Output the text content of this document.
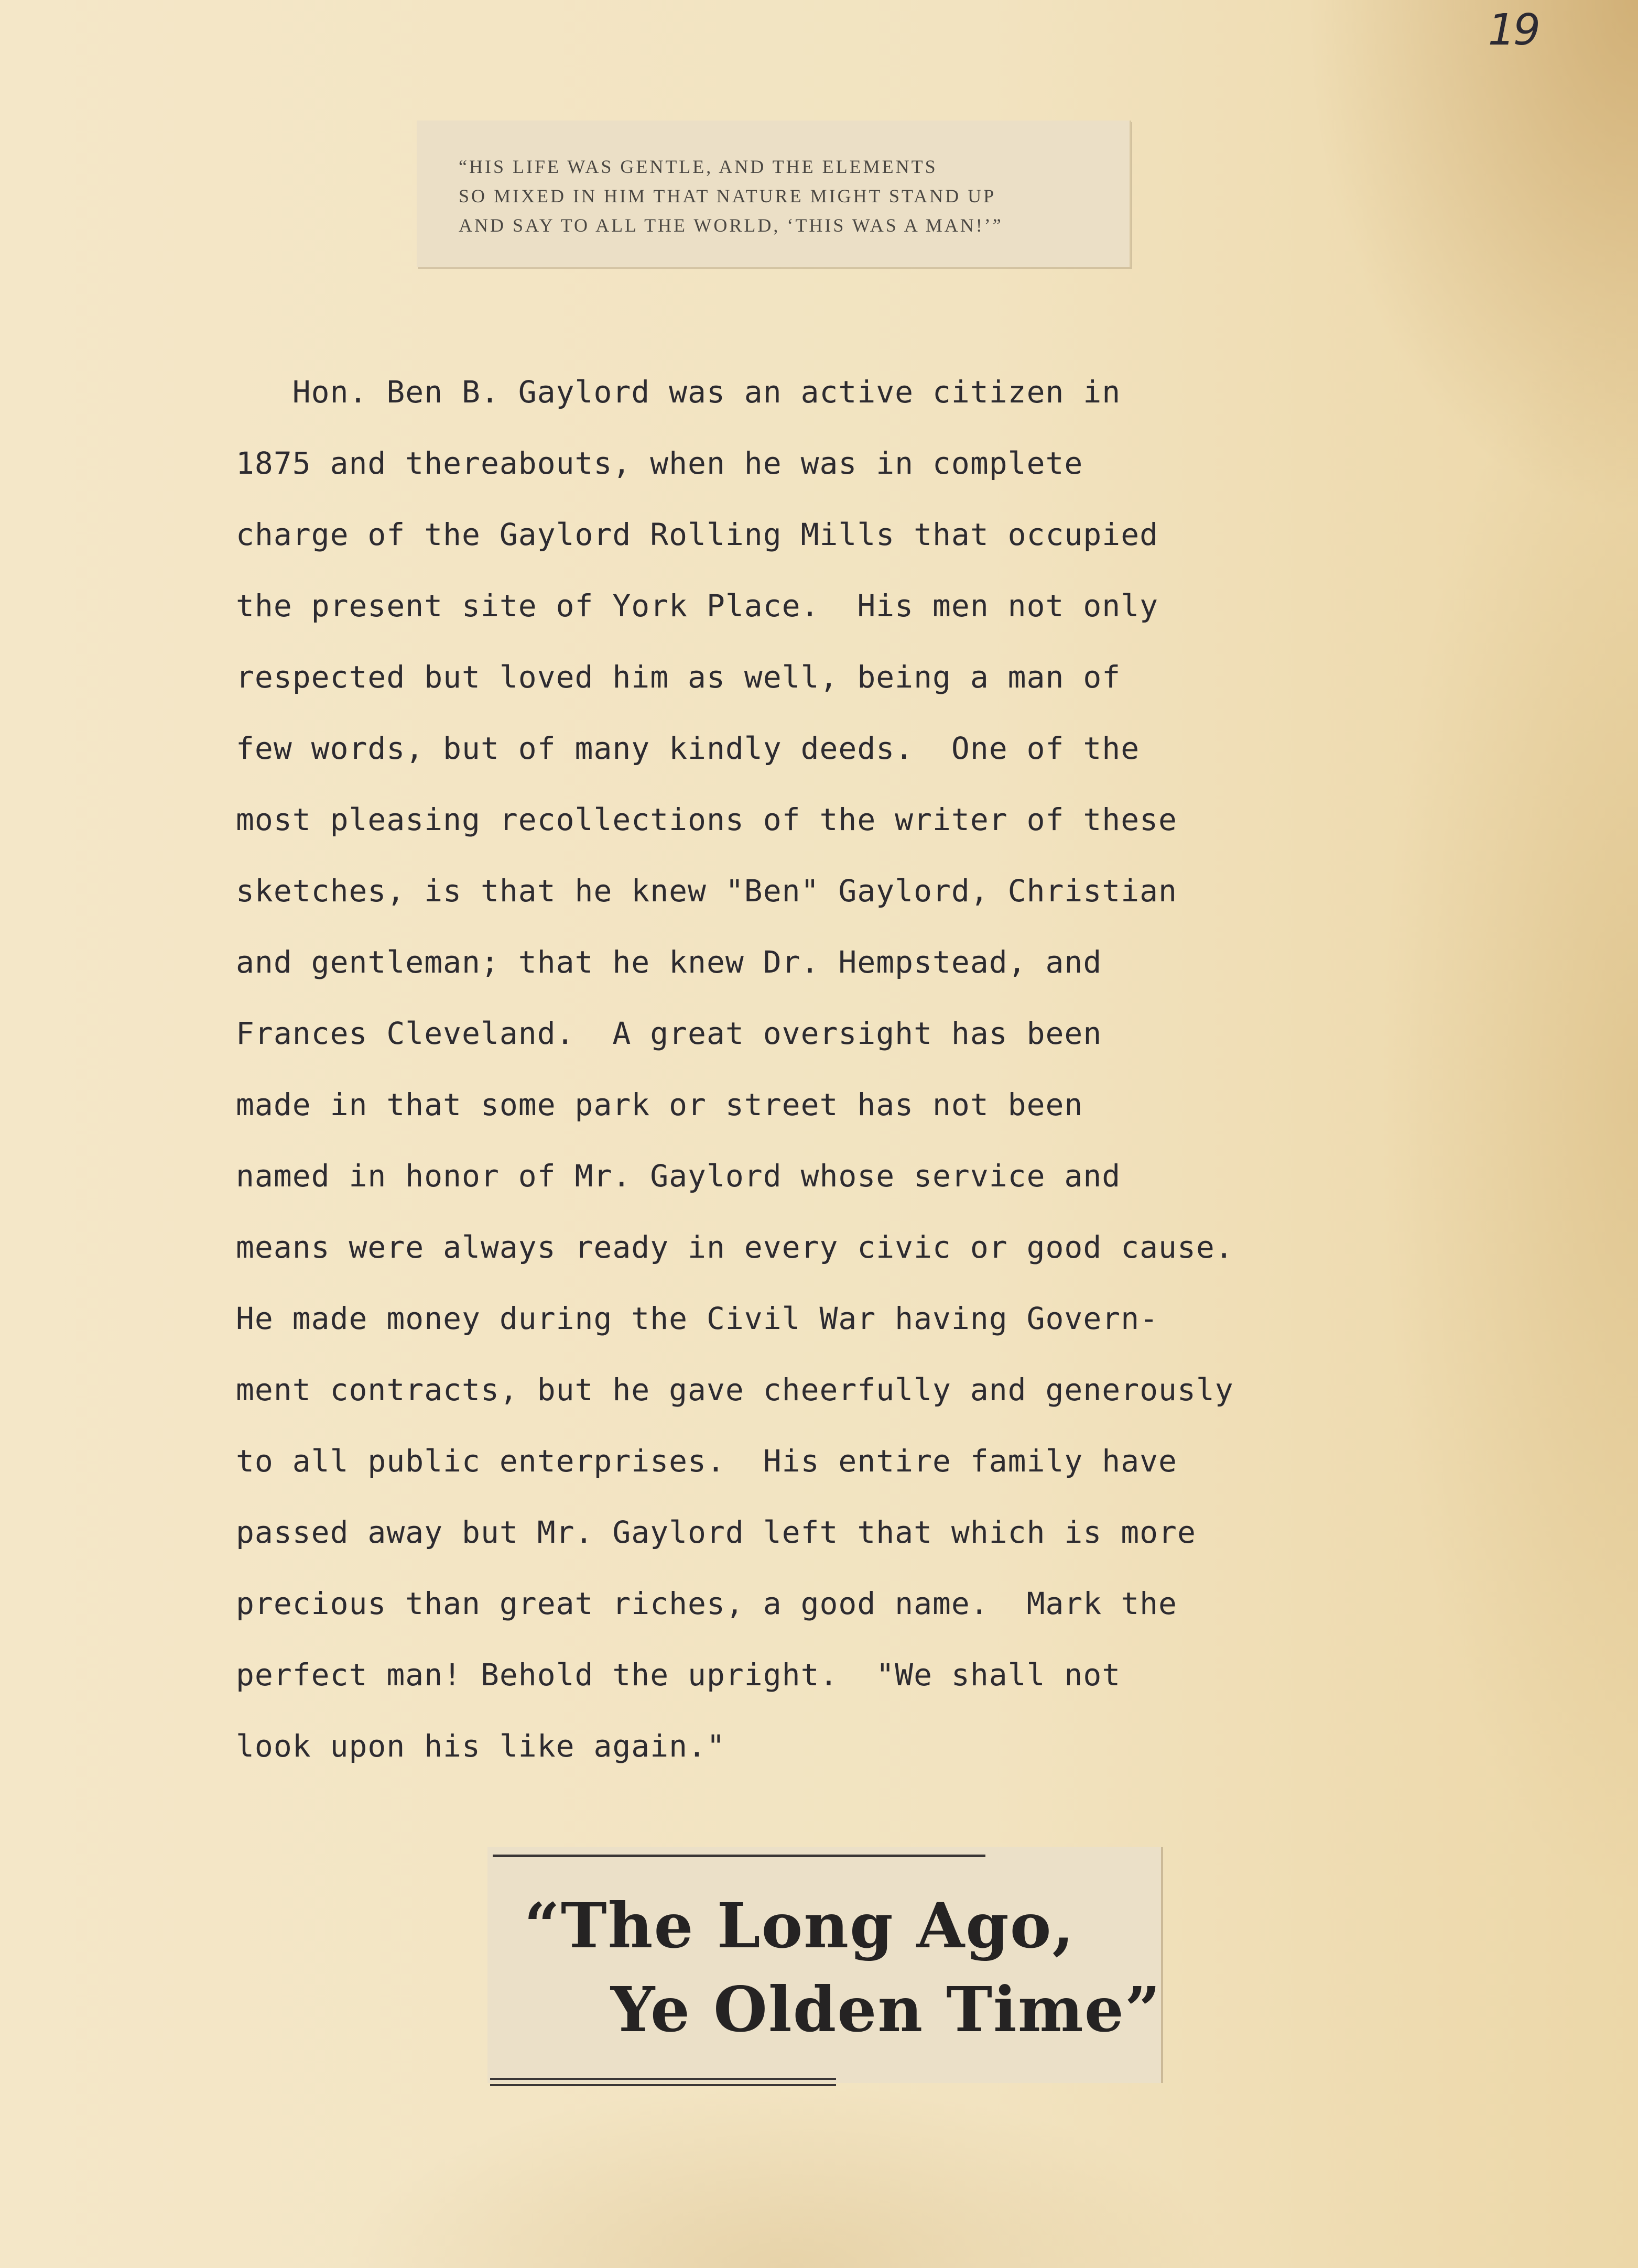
19
“HIS LIFE WAS GENTLE, AND THE ELEMENTS
SO MIXED IN HIM THAT NATURE MIGHT STAND UP
AND SAY TO ALL THE WORLD, ‘THIS WAS A MAN!’”
Hon. Ben B. Gaylord was an active citizen in
1875 and thereabouts, when he was in complete
charge of the Gaylord Rolling Mills that occupied
the present site of York Place.  His men not only
respected but loved him as well, being a man of
few words, but of many kindly deeds.  One of the
most pleasing recollections of the writer of these
sketches, is that he knew "Ben" Gaylord, Christian
and gentleman; that he knew Dr. Hempstead, and
Frances Cleveland.  A great oversight has been
made in that some park or street has not been
named in honor of Mr. Gaylord whose service and
means were always ready in every civic or good cause.
He made money during the Civil War having Govern-
ment contracts, but he gave cheerfully and generously
to all public enterprises.  His entire family have
passed away but Mr. Gaylord left that which is more
precious than great riches, a good name.  Mark the
perfect man! Behold the upright.  "We shall not
look upon his like again."
“The Long Ago,
Ye Olden Time”
